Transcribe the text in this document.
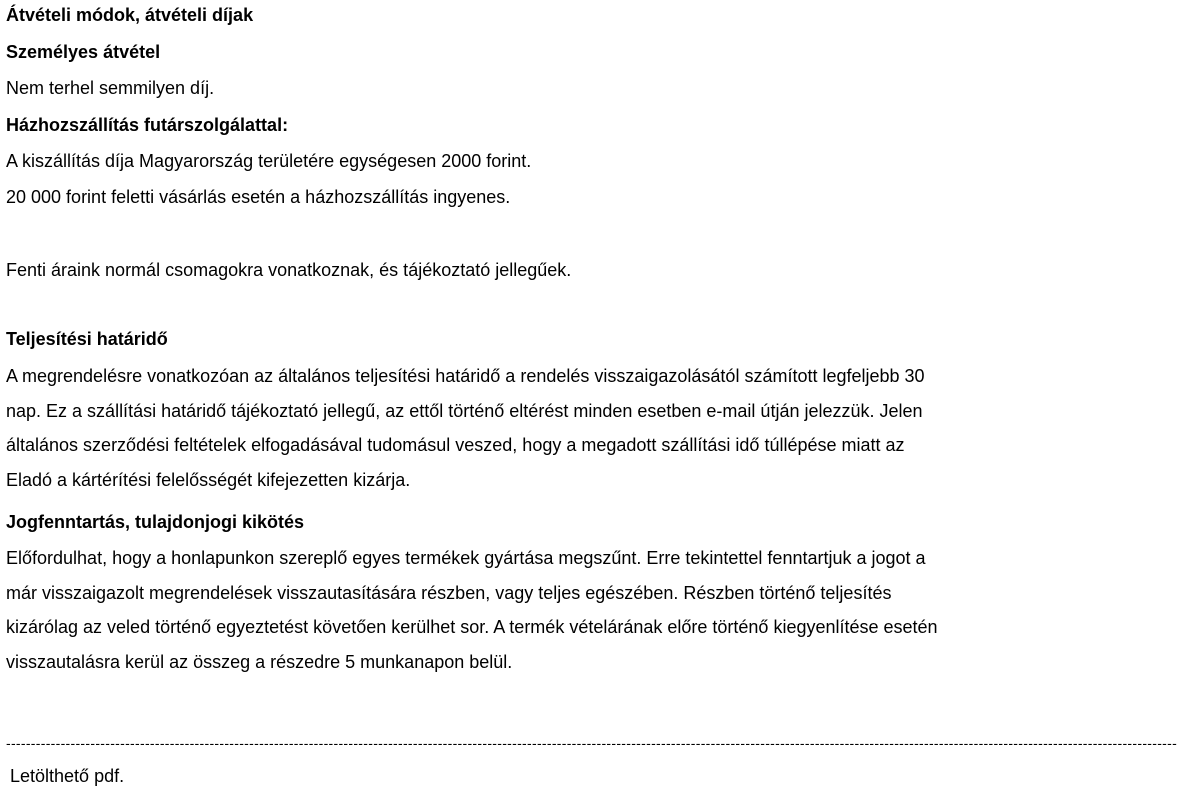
Átvételi módok, átvételi díjak
Személyes átvétel
Nem terhel semmilyen díj.
Házhozszállítás futárszolgálattal:
A kiszállítás díja Magyarország területére egységesen 2000 forint.
20 000 forint feletti vásárlás esetén a házhozszállítás ingyenes.
Fenti áraink normál csomagokra vonatkoznak, és tájékoztató jellegűek.
Teljesítési határidő
A megrendelésre vonatkozóan az általános teljesítési határidő a rendelés visszaigazolásától számított legfeljebb 30 nap. Ez a szállítási határidő tájékoztató jellegű, az ettől történő eltérést minden esetben e-mail útján jelezzük. Jelen általános szerződési feltételek elfogadásával tudomásul veszed, hogy a megadott szállítási idő túllépése miatt az Eladó a kártérítési felelősségét kifejezetten kizárja.
Jogfenntartás, tulajdonjogi kikötés
Előfordulhat, hogy a honlapunkon szereplő egyes termékek gyártása megszűnt. Erre tekintettel fenntartjuk a jogot a már visszaigazolt megrendelések visszautasítására részben, vagy teljes egészében. Részben történő teljesítés kizárólag az veled történő egyeztetést követően kerülhet sor. A termék vételárának előre történő kiegyenlítése esetén visszautalásra kerül az összeg a részedre 5 munkanapon belül.
--------------------------------------------------------------------------------------------------------------------------------------------------------------------------------------------------------------------------------------------
Letölthető pdf.
